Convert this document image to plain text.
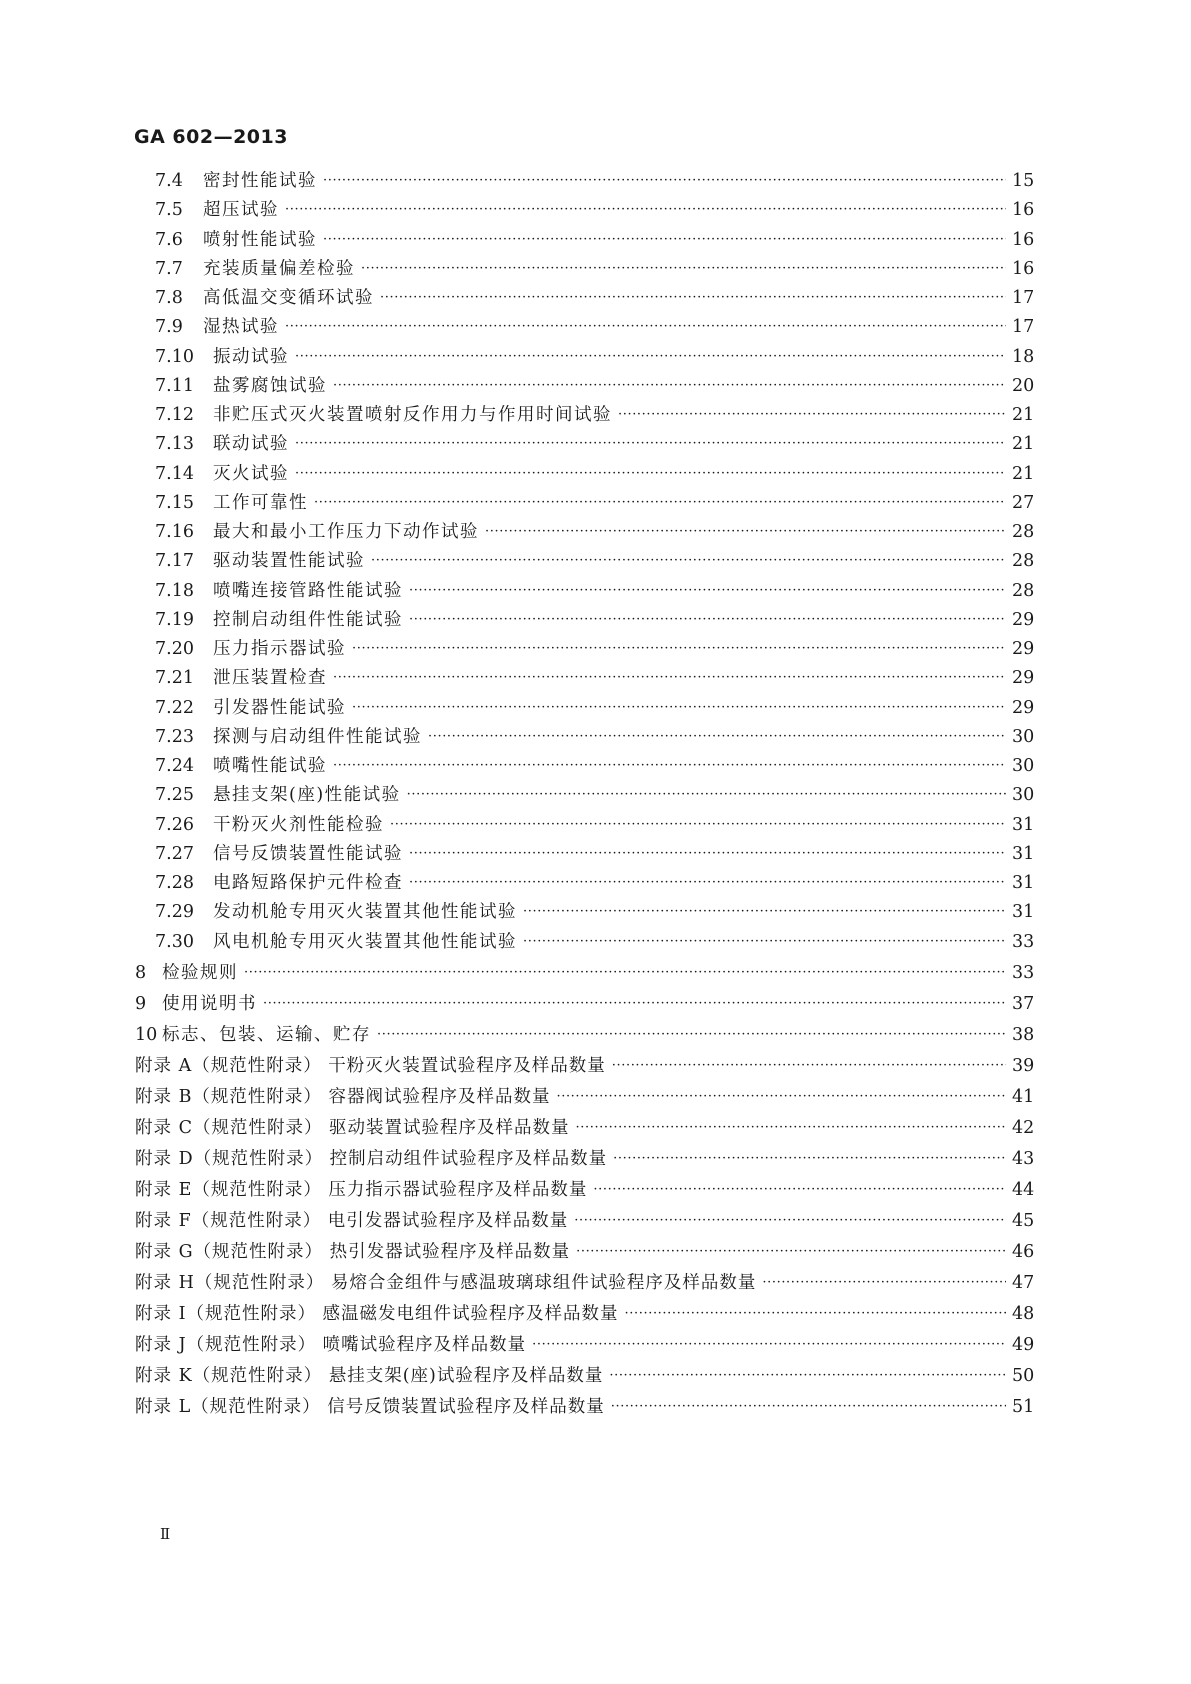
GA 602—2013
7.4	密封性能试验 ·····	15
7.5	超压试验 ·····	16
7.6	喷射性能试验 ·····	16
7.7	充装质量偏差检验 ·····	16
7.8	高低温交变循环试验 ·····	17
7.9	湿热试验 ·····	17
7.10	振动试验 ·····	18
7.11	盐雾腐蚀试验 ·····	20
7.12	非贮压式灭火装置喷射反作用力与作用时间试验 ·····	21
7.13	联动试验 ·····	21
7.14	灭火试验 ·····	21
7.15	工作可靠性 ·····	27
7.16	最大和最小工作压力下动作试验 ·····	28
7.17	驱动装置性能试验 ·····	28
7.18	喷嘴连接管路性能试验 ·····	28
7.19	控制启动组件性能试验 ·····	29
7.20	压力指示器试验 ·····	29
7.21	泄压装置检查 ·····	29
7.22	引发器性能试验 ·····	29
7.23	探测与启动组件性能试验 ·····	30
7.24	喷嘴性能试验 ·····	30
7.25	悬挂支架(座)性能试验 ·····	30
7.26	干粉灭火剂性能检验 ·····	31
7.27	信号反馈装置性能试验 ·····	31
7.28	电路短路保护元件检查 ·····	31
7.29	发动机舱专用灭火装置其他性能试验 ·····	31
7.30	风电机舱专用灭火装置其他性能试验 ·····	33
8 检验规则 ·····	33
9 使用说明书 ·····	37
10 标志、包装、运输、贮存 ·····	38
附录 A（规范性附录） 干粉灭火装置试验程序及样品数量 ·····	39
附录 B（规范性附录） 容器阀试验程序及样品数量 ·····	41
附录 C（规范性附录） 驱动装置试验程序及样品数量 ·····	42
附录 D（规范性附录） 控制启动组件试验程序及样品数量 ·····	43
附录 E（规范性附录） 压力指示器试验程序及样品数量 ·····	44
附录 F（规范性附录） 电引发器试验程序及样品数量 ·····	45
附录 G（规范性附录） 热引发器试验程序及样品数量 ·····	46
附录 H（规范性附录） 易熔合金组件与感温玻璃球组件试验程序及样品数量 ·····	47
附录 I（规范性附录） 感温磁发电组件试验程序及样品数量 ·····	48
附录 J（规范性附录） 喷嘴试验程序及样品数量 ·····	49
附录 K（规范性附录） 悬挂支架(座)试验程序及样品数量 ·····	50
附录 L（规范性附录） 信号反馈装置试验程序及样品数量 ·····	51
Ⅱ
